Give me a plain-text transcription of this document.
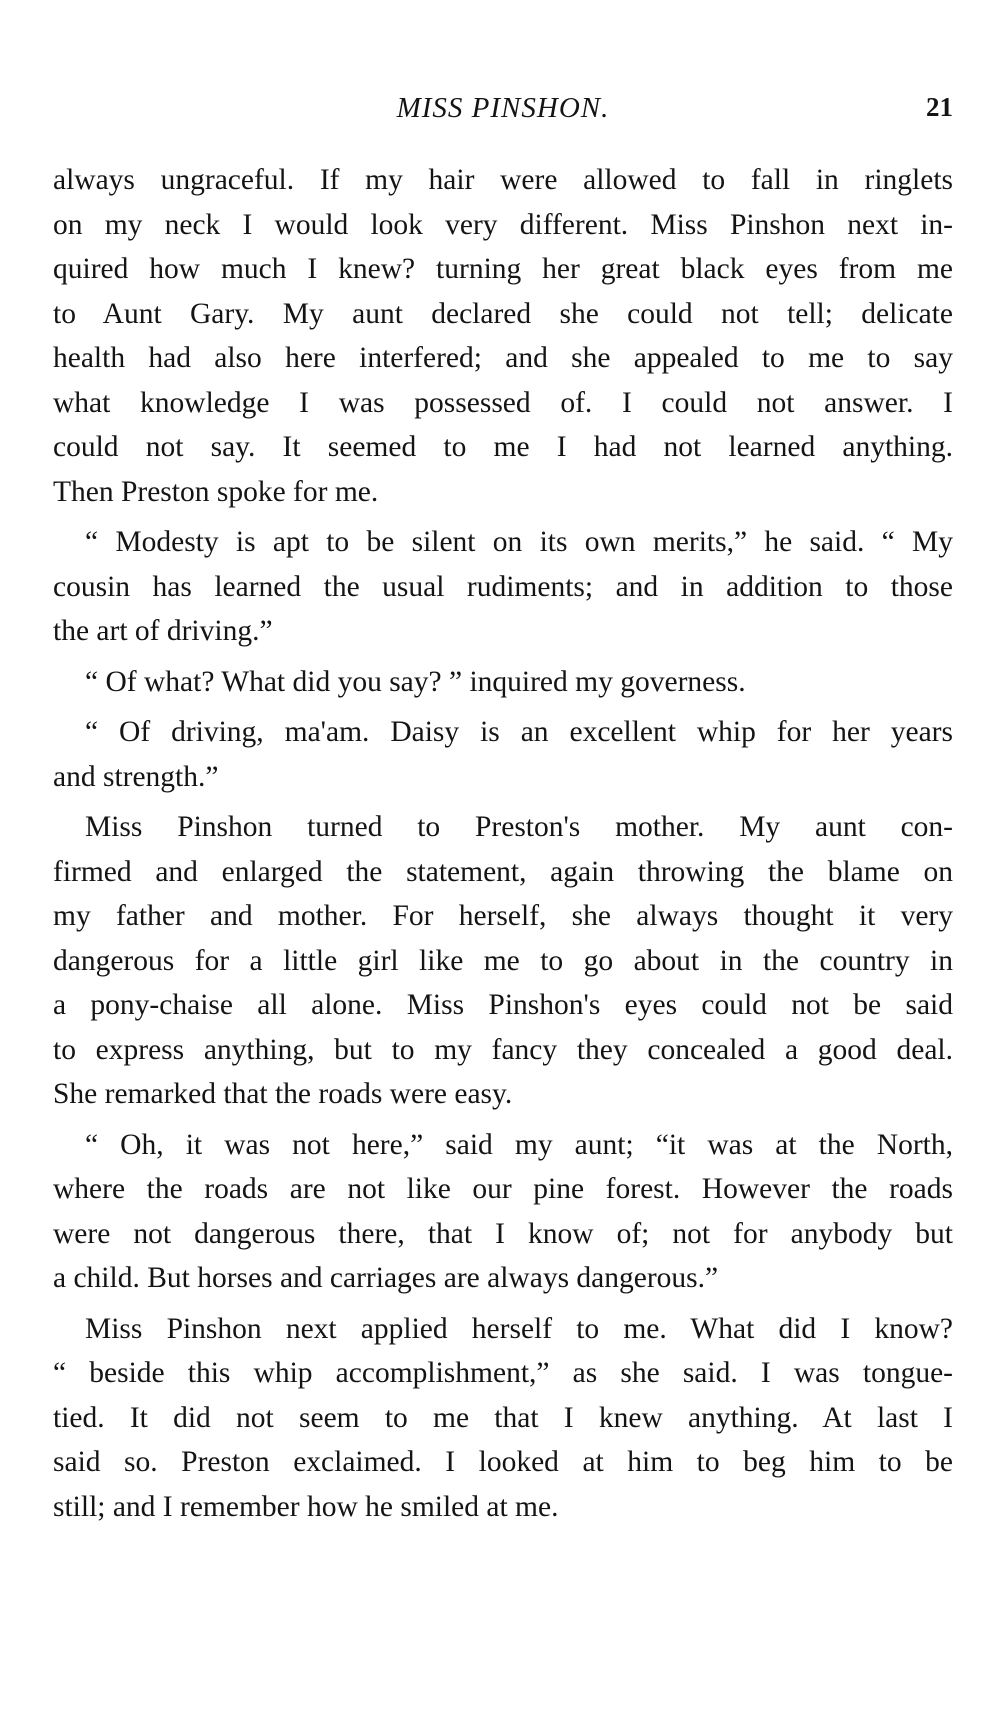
MISS PINSHON.	21
always ungraceful. If my hair were allowed to fall in ringlets
on my neck I would look very different. Miss Pinshon next in-
quired how much I knew? turning her great black eyes from me
to Aunt Gary. My aunt declared she could not tell; delicate
health had also here interfered; and she appealed to me to say
what knowledge I was possessed of. I could not answer. I
could not say. It seemed to me I had not learned anything.
Then Preston spoke for me.
“ Modesty is apt to be silent on its own merits,” he said. “ My
cousin has learned the usual rudiments; and in addition to those
the art of driving.”
“ Of what? What did you say? ” inquired my governess.
“ Of driving, ma'am. Daisy is an excellent whip for her years
and strength.”
Miss Pinshon turned to Preston's mother. My aunt con-
firmed and enlarged the statement, again throwing the blame on
my father and mother. For herself, she always thought it very
dangerous for a little girl like me to go about in the country in
a pony-chaise all alone. Miss Pinshon's eyes could not be said
to express anything, but to my fancy they concealed a good deal.
She remarked that the roads were easy.
“ Oh, it was not here,” said my aunt; “it was at the North,
where the roads are not like our pine forest. However the roads
were not dangerous there, that I know of; not for anybody but
a child. But horses and carriages are always dangerous.”
Miss Pinshon next applied herself to me. What did I know?
“ beside this whip accomplishment,” as she said. I was tongue-
tied. It did not seem to me that I knew anything. At last I
said so. Preston exclaimed. I looked at him to beg him to be
still; and I remember how he smiled at me.
